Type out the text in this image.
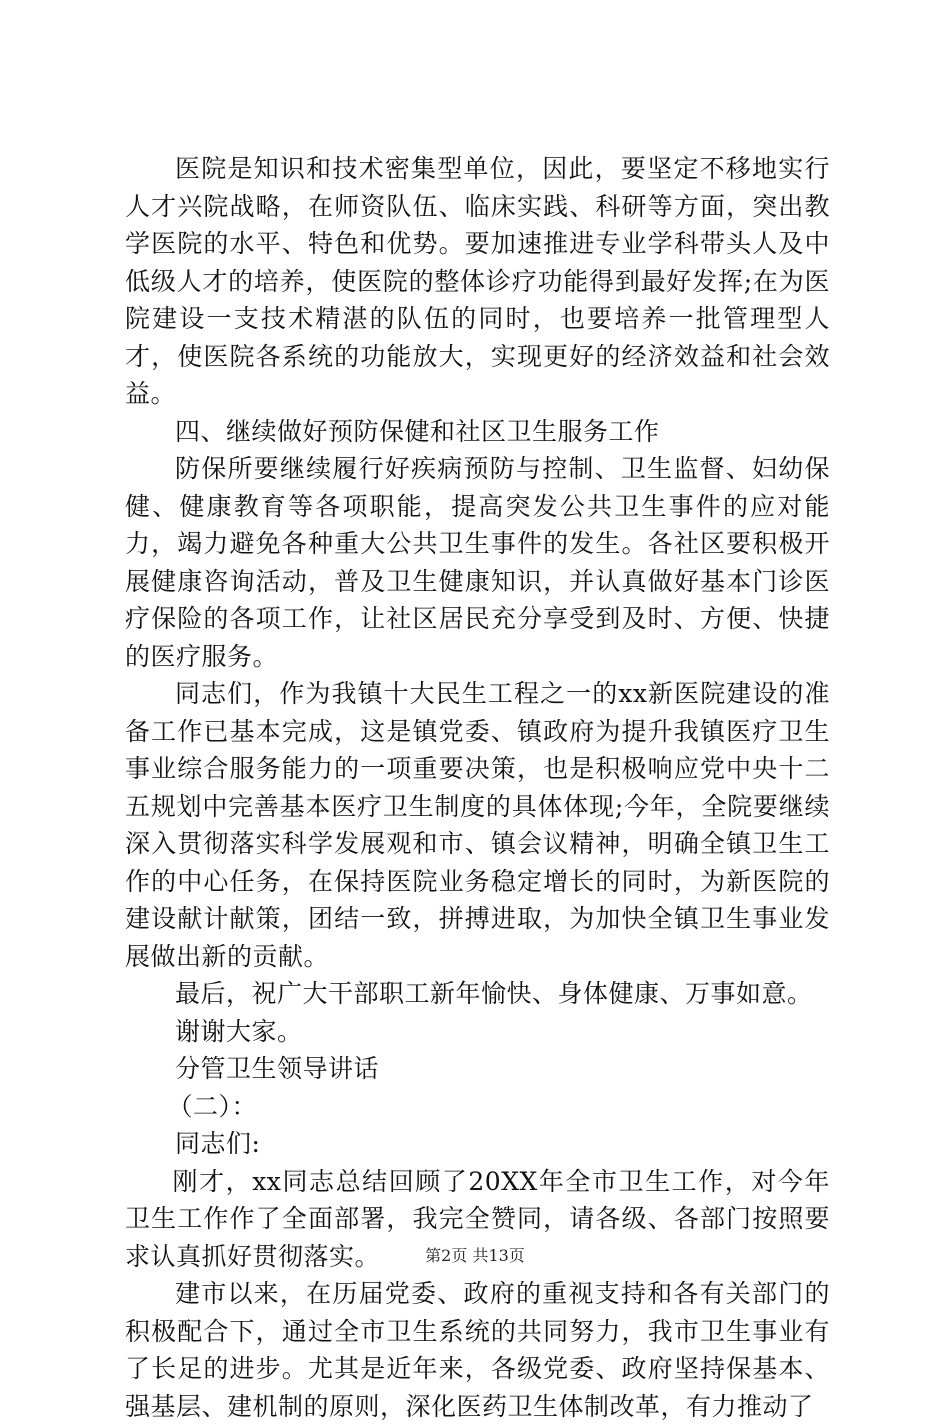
医院是知识和技术密集型单位，因此，要坚定不移地实行人才兴院战略，在师资队伍、临床实践、科研等方面，突出教学医院的水平、特色和优势。要加速推进专业学科带头人及中低级人才的培养，使医院的整体诊疗功能得到最好发挥;在为医院建设一支技术精湛的队伍的同时，也要培养一批管理型人才，使医院各系统的功能放大，实现更好的经济效益和社会效益。

四、继续做好预防保健和社区卫生服务工作

防保所要继续履行好疾病预防与控制、卫生监督、妇幼保健、健康教育等各项职能，提高突发公共卫生事件的应对能力，竭力避免各种重大公共卫生事件的发生。各社区要积极开展健康咨询活动，普及卫生健康知识，并认真做好基本门诊医疗保险的各项工作，让社区居民充分享受到及时、方便、快捷的医疗服务。

同志们，作为我镇十大民生工程之一的xx新医院建设的准备工作已基本完成，这是镇党委、镇政府为提升我镇医疗卫生事业综合服务能力的一项重要决策，也是积极响应党中央十二五规划中完善基本医疗卫生制度的具体体现;今年，全院要继续深入贯彻落实科学发展观和市、镇会议精神，明确全镇卫生工作的中心任务，在保持医院业务稳定增长的同时，为新医院的建设献计献策，团结一致，拼搏进取，为加快全镇卫生事业发展做出新的贡献。

最后，祝广大干部职工新年愉快、身体健康、万事如意。

谢谢大家。

分管卫生领导讲话

（二）：

同志们:

刚才，xx同志总结回顾了20XX年全市卫生工作，对今年卫生工作作了全面部署，我完全赞同，请各级、各部门按照要求认真抓好贯彻落实。

建市以来，在历届党委、政府的重视支持和各有关部门的积极配合下，通过全市卫生系统的共同努力，我市卫生事业有了长足的进步。尤其是近年来，各级党委、政府坚持保基本、强基层、建机制的原则，深化医药卫生体制改革，有力推动了

第2页 共13页
